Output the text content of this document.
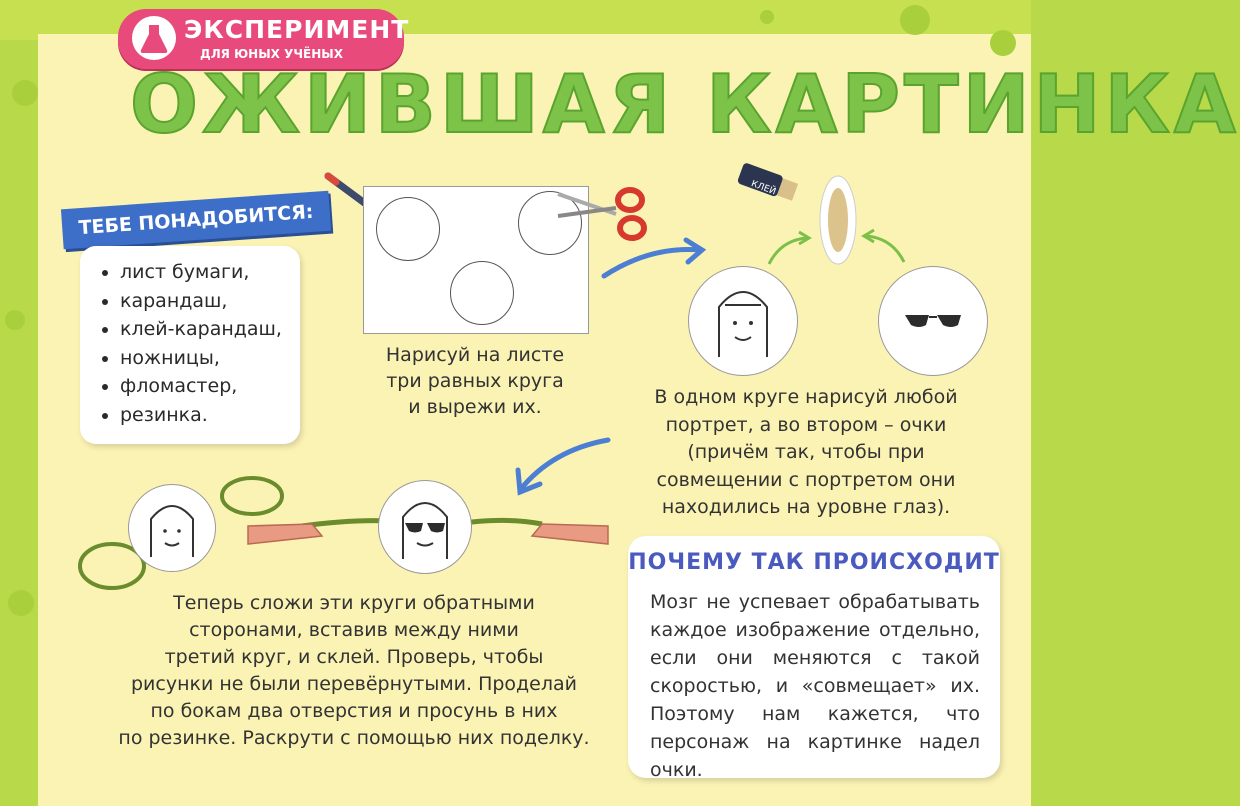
ЭКСПЕРИМЕНТ
ДЛЯ ЮНЫХ УЧЁНЫХ
ОЖИВШАЯ КАРТИНКА
ТЕБЕ ПОНАДОБИТСЯ:
• лист бумаги,
• карандаш,
• клей-карандаш,
• ножницы,
• фломастер,
• резинка.
Нарисуй на листе
три равных круга
и вырежи их.
КЛЕЙ
В одном круге нарисуй любой
портрет, а во втором – очки
(причём так, чтобы при
совмещении с портретом они
находились на уровне глаз).
Теперь сложи эти круги обратными
сторонами, вставив между ними
третий круг, и склей. Проверь, чтобы
рисунки не были перевёрнутыми. Проделай
по бокам два отверстия и просунь в них
по резинке. Раскрути с помощью них поделку.
ПОЧЕМУ ТАК ПРОИСХОДИТ
Мозг не успевает обрабатывать каждое изображение отдельно, если они меняются с такой скоростью, и «совмещает» их. Поэтому нам кажется, что персонаж на картинке надел очки.
